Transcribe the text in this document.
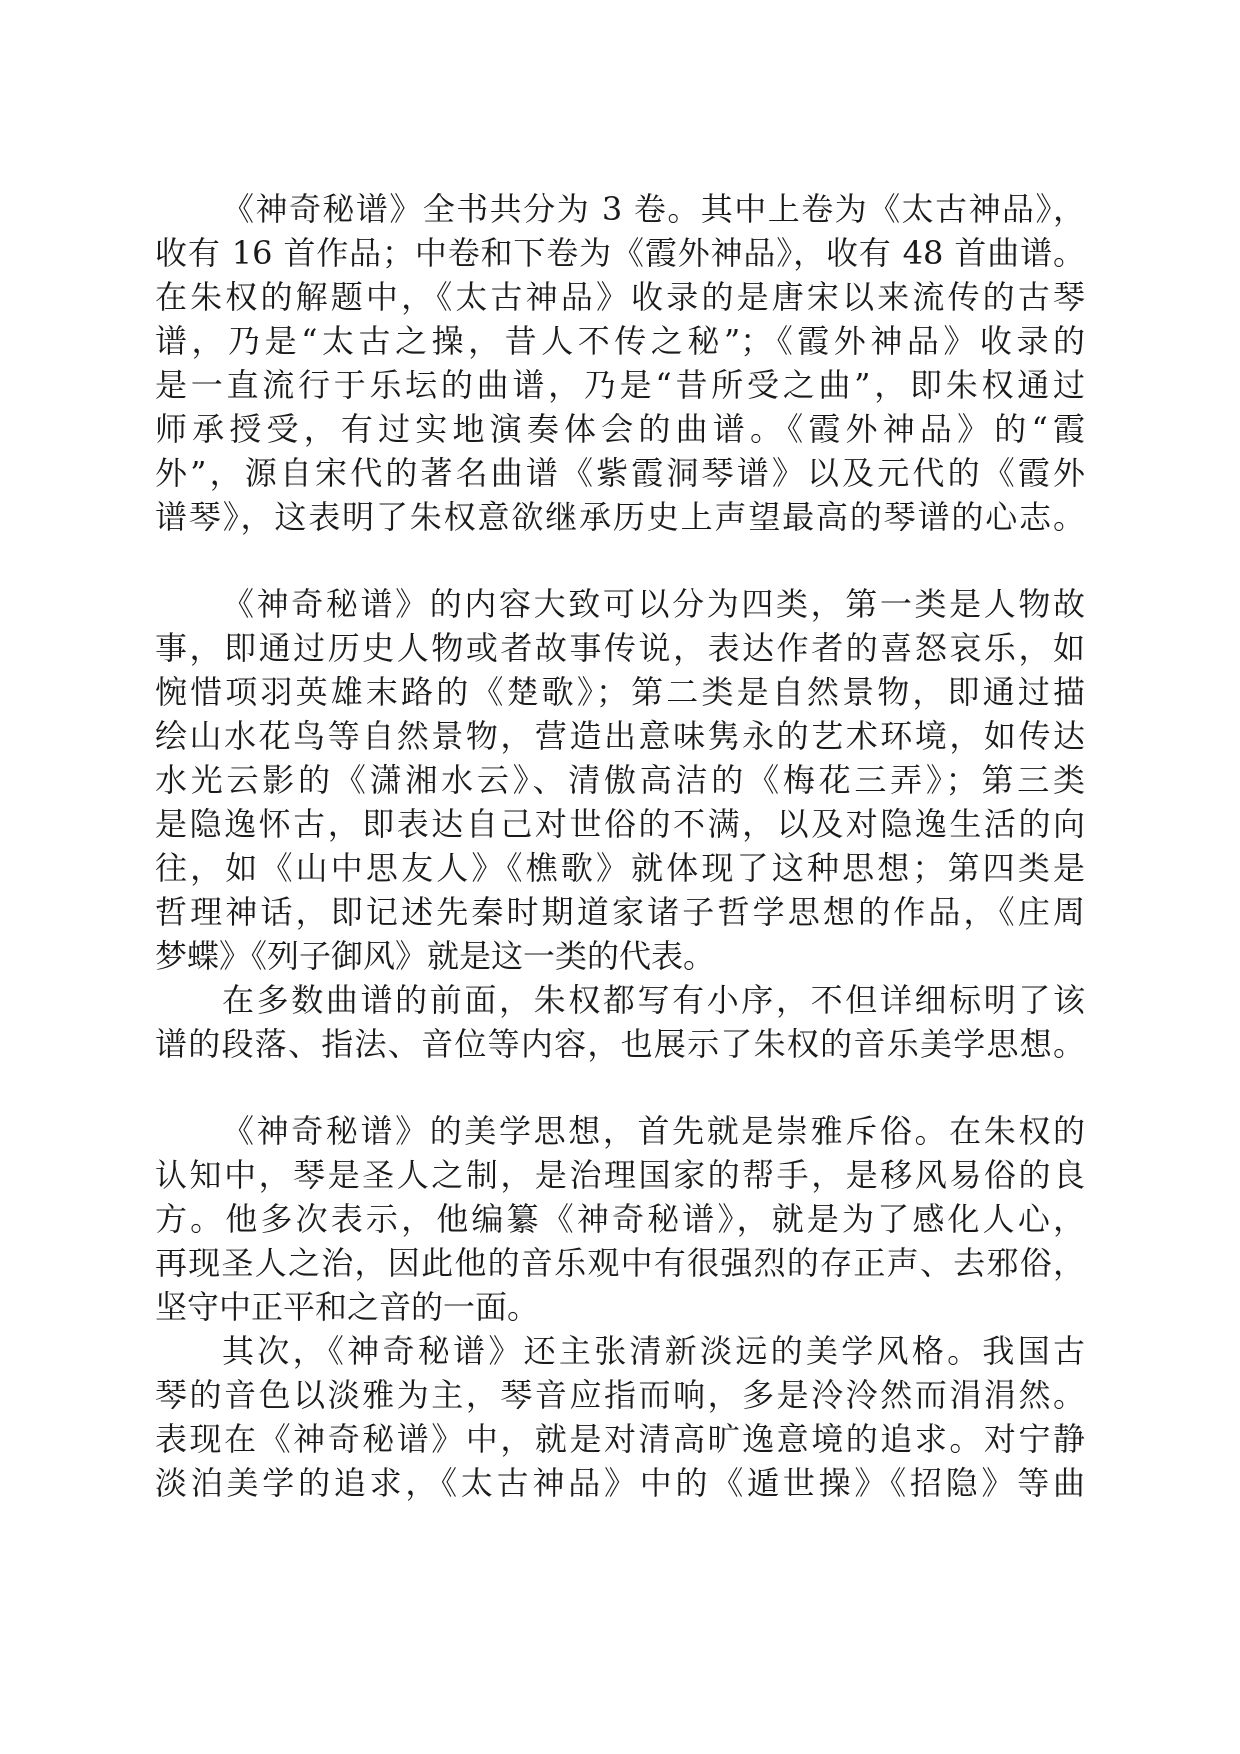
《神奇秘谱》全书共分为 3 卷。其中上卷为《太古神品》，
收有 16 首作品；中卷和下卷为《霞外神品》，收有 48 首曲谱。
在朱权的解题中，《太古神品》收录的是唐宋以来流传的古琴
谱，乃是“太古之操，昔人不传之秘”；《霞外神品》收录的
是一直流行于乐坛的曲谱，乃是“昔所受之曲”，即朱权通过
师承授受，有过实地演奏体会的曲谱。《霞外神品》的“霞
外”，源自宋代的著名曲谱《紫霞洞琴谱》以及元代的《霞外
谱琴》，这表明了朱权意欲继承历史上声望最高的琴谱的心志。
《神奇秘谱》的内容大致可以分为四类，第一类是人物故
事，即通过历史人物或者故事传说，表达作者的喜怒哀乐，如
惋惜项羽英雄末路的《楚歌》；第二类是自然景物，即通过描
绘山水花鸟等自然景物，营造出意味隽永的艺术环境，如传达
水光云影的《潇湘水云》、清傲高洁的《梅花三弄》；第三类
是隐逸怀古，即表达自己对世俗的不满，以及对隐逸生活的向
往，如《山中思友人》《樵歌》就体现了这种思想；第四类是
哲理神话，即记述先秦时期道家诸子哲学思想的作品，《庄周
梦蝶》《列子御风》就是这一类的代表。
在多数曲谱的前面，朱权都写有小序，不但详细标明了该
谱的段落、指法、音位等内容，也展示了朱权的音乐美学思想。
《神奇秘谱》的美学思想，首先就是崇雅斥俗。在朱权的
认知中，琴是圣人之制，是治理国家的帮手，是移风易俗的良
方。他多次表示，他编纂《神奇秘谱》，就是为了感化人心，
再现圣人之治，因此他的音乐观中有很强烈的存正声、去邪俗，
坚守中正平和之音的一面。
其次，《神奇秘谱》还主张清新淡远的美学风格。我国古
琴的音色以淡雅为主，琴音应指而响，多是泠泠然而涓涓然。
表现在《神奇秘谱》中，就是对清高旷逸意境的追求。对宁静
淡泊美学的追求，《太古神品》中的《遁世操》《招隐》等曲
